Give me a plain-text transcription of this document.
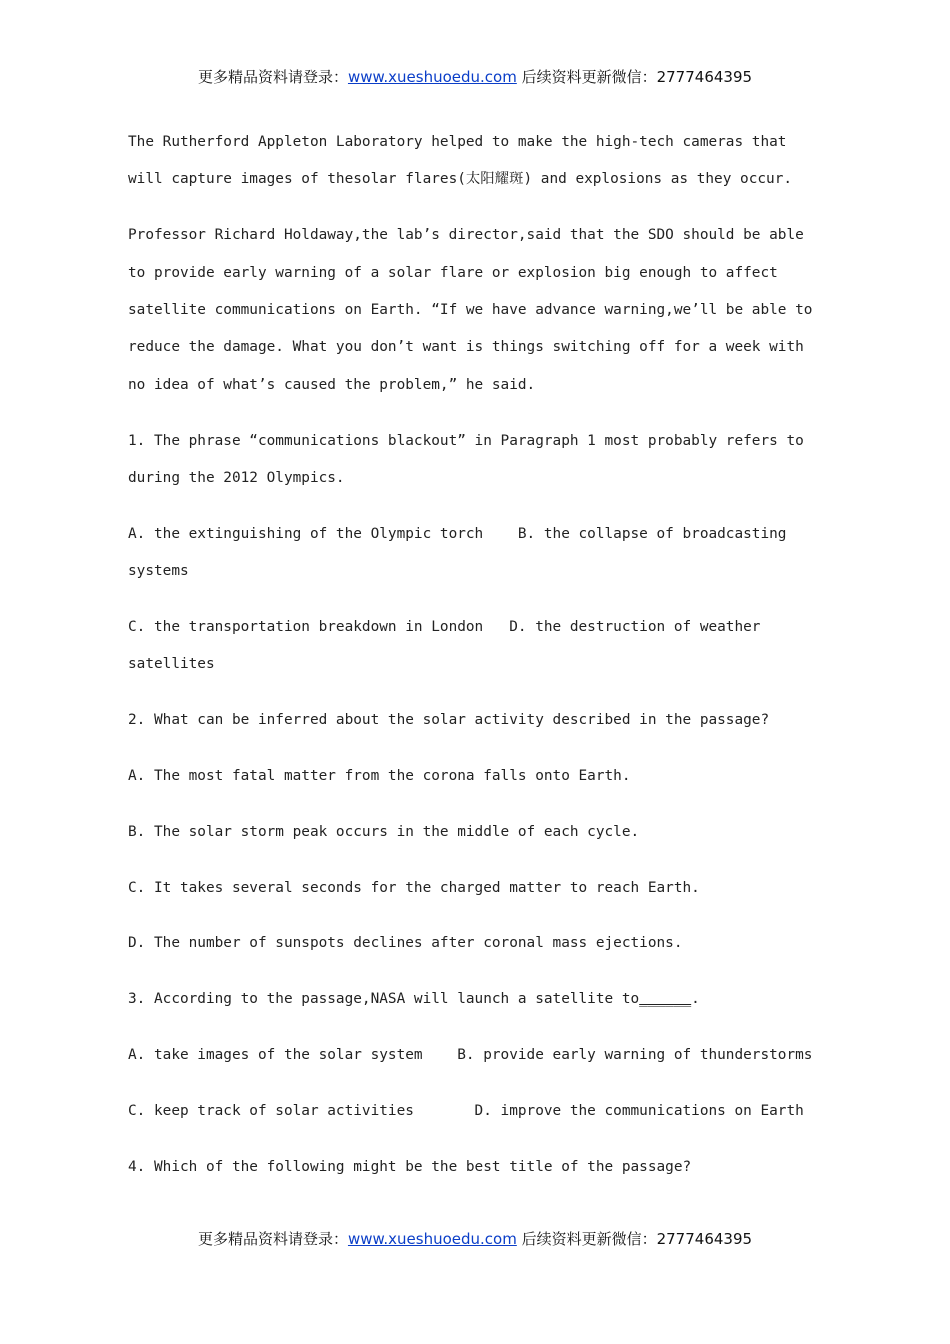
更多精品资料请登录：www.xueshuoedu.com 后续资料更新微信：2777464395

The Rutherford Appleton Laboratory helped to make the high-tech cameras that will capture images of thesolar flares(太阳耀斑) and explosions as they occur.

Professor Richard Holdaway,the lab’s director,said that the SDO should be able to provide early warning of a solar flare or explosion big enough to affect satellite communications on Earth. “If we have advance warning,we’ll be able to reduce the damage. What you don’t want is things switching off for a week with no idea of what’s caused the problem,” he said.

1. The phrase “communications blackout” in Paragraph 1 most probably refers to during the 2012 Olympics.

A. the extinguishing of the Olympic torch    B. the collapse of broadcasting systems

C. the transportation breakdown in London   D. the destruction of weather satellites

2. What can be inferred about the solar activity described in the passage?

A. The most fatal matter from the corona falls onto Earth.

B. The solar storm peak occurs in the middle of each cycle.

C. It takes several seconds for the charged matter to reach Earth.

D. The number of sunspots declines after coronal mass ejections.

3. According to the passage,NASA will launch a satellite to______.

A. take images of the solar system    B. provide early warning of thunderstorms

C. keep track of solar activities       D. improve the communications on Earth

4. Which of the following might be the best title of the passage?

更多精品资料请登录：www.xueshuoedu.com 后续资料更新微信：2777464395
